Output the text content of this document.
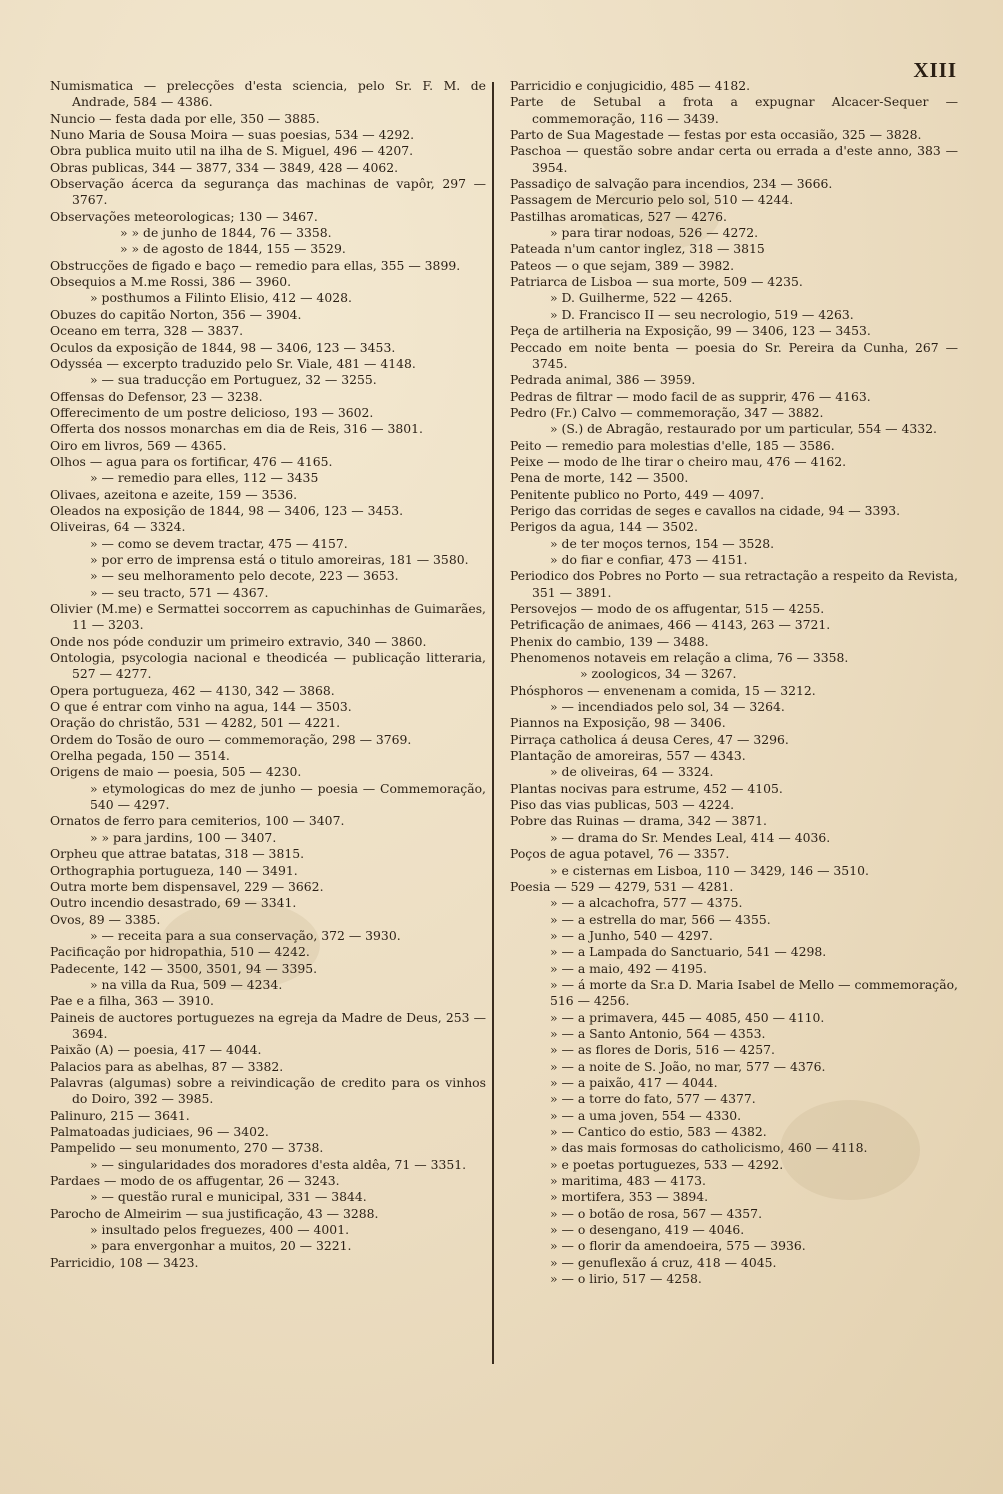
XIII
Numismatica — prelecções d'esta sciencia, pelo Sr. F. M. de Andrade, 584 — 4386.
Nuncio — festa dada por elle, 350 — 3885.
Nuno Maria de Sousa Moira — suas poesias, 534 — 4292.
Obra publica muito util na ilha de S. Miguel, 496 — 4207.
Obras publicas, 344 — 3877, 334 — 3849, 428 — 4062.
Observação ácerca da segurança das machinas de vapôr, 297 — 3767.
Observações meteorologicas; 130 — 3467.
» » de junho de 1844, 76 — 3358.
» » de agosto de 1844, 155 — 3529.
Obstrucções de figado e baço — remedio para ellas, 355 — 3899.
Obsequios a M.me Rossi, 386 — 3960.
» posthumos a Filinto Elisio, 412 — 4028.
Obuzes do capitão Norton, 356 — 3904.
Oceano em terra, 328 — 3837.
Oculos da exposição de 1844, 98 — 3406, 123 — 3453.
Odysséa — excerpto traduzido pelo Sr. Viale, 481 — 4148.
» — sua traducção em Portuguez, 32 — 3255.
Offensas do Defensor, 23 — 3238.
Offerecimento de um postre delicioso, 193 — 3602.
Offerta dos nossos monarchas em dia de Reis, 316 — 3801.
Oiro em livros, 569 — 4365.
Olhos — agua para os fortificar, 476 — 4165.
» — remedio para elles, 112 — 3435
Olivaes, azeitona e azeite, 159 — 3536.
Oleados na exposição de 1844, 98 — 3406, 123 — 3453.
Oliveiras, 64 — 3324.
» — como se devem tractar, 475 — 4157.
» por erro de imprensa está o titulo amoreiras, 181 — 3580.
» — seu melhoramento pelo decote, 223 — 3653.
» — seu tracto, 571 — 4367.
Olivier (M.me) e Sermattei soccorrem as capuchinhas de Guimarães, 11 — 3203.
Onde nos póde conduzir um primeiro extravio, 340 — 3860.
Ontologia, psycologia nacional e theodicéa — publicação litteraria, 527 — 4277.
Opera portugueza, 462 — 4130, 342 — 3868.
O que é entrar com vinho na agua, 144 — 3503.
Oração do christão, 531 — 4282, 501 — 4221.
Ordem do Tosão de ouro — commemoração, 298 — 3769.
Orelha pegada, 150 — 3514.
Origens de maio — poesia, 505 — 4230.
» etymologicas do mez de junho — poesia — Commemoração, 540 — 4297.
Ornatos de ferro para cemiterios, 100 — 3407.
» » para jardins, 100 — 3407.
Orpheu que attrae batatas, 318 — 3815.
Orthographia portugueza, 140 — 3491.
Outra morte bem dispensavel, 229 — 3662.
Outro incendio desastrado, 69 — 3341.
Ovos, 89 — 3385.
» — receita para a sua conservação, 372 — 3930.
Pacificação por hidropathia, 510 — 4242.
Padecente, 142 — 3500, 3501, 94 — 3395.
» na villa da Rua, 509 — 4234.
Pae e a filha, 363 — 3910.
Paineis de auctores portuguezes na egreja da Madre de Deus, 253 — 3694.
Paixão (A) — poesia, 417 — 4044.
Palacios para as abelhas, 87 — 3382.
Palavras (algumas) sobre a reivindicação de credito para os vinhos do Doiro, 392 — 3985.
Palinuro, 215 — 3641.
Palmatoadas judiciaes, 96 — 3402.
Pampelido — seu monumento, 270 — 3738.
» — singularidades dos moradores d'esta aldêa, 71 — 3351.
Pardaes — modo de os affugentar, 26 — 3243.
» — questão rural e municipal, 331 — 3844.
Parocho de Almeirim — sua justificação, 43 — 3288.
» insultado pelos freguezes, 400 — 4001.
» para envergonhar a muitos, 20 — 3221.
Parricidio, 108 — 3423.
Parricidio e conjugicidio, 485 — 4182.
Parte de Setubal a frota a expugnar Alcacer-Sequer — commemoração, 116 — 3439.
Parto de Sua Magestade — festas por esta occasião, 325 — 3828.
Paschoa — questão sobre andar certa ou errada a d'este anno, 383 — 3954.
Passadiço de salvação para incendios, 234 — 3666.
Passagem de Mercurio pelo sol, 510 — 4244.
Pastilhas aromaticas, 527 — 4276.
» para tirar nodoas, 526 — 4272.
Pateada n'um cantor inglez, 318 — 3815
Pateos — o que sejam, 389 — 3982.
Patriarca de Lisboa — sua morte, 509 — 4235.
» D. Guilherme, 522 — 4265.
» D. Francisco II — seu necrologio, 519 — 4263.
Peça de artilheria na Exposição, 99 — 3406, 123 — 3453.
Peccado em noite benta — poesia do Sr. Pereira da Cunha, 267 — 3745.
Pedrada animal, 386 — 3959.
Pedras de filtrar — modo facil de as supprir, 476 — 4163.
Pedro (Fr.) Calvo — commemoração, 347 — 3882.
» (S.) de Abragão, restaurado por um particular, 554 — 4332.
Peito — remedio para molestias d'elle, 185 — 3586.
Peixe — modo de lhe tirar o cheiro mau, 476 — 4162.
Pena de morte, 142 — 3500.
Penitente publico no Porto, 449 — 4097.
Perigo das corridas de seges e cavallos na cidade, 94 — 3393.
Perigos da agua, 144 — 3502.
» de ter moços ternos, 154 — 3528.
» do fiar e confiar, 473 — 4151.
Periodico dos Pobres no Porto — sua retractação a respeito da Revista, 351 — 3891.
Persovejos — modo de os affugentar, 515 — 4255.
Petrificação de animaes, 466 — 4143, 263 — 3721.
Phenix do cambio, 139 — 3488.
Phenomenos notaveis em relação a clima, 76 — 3358.
» zoologicos, 34 — 3267.
Phósphoros — envenenam a comida, 15 — 3212.
» — incendiados pelo sol, 34 — 3264.
Piannos na Exposição, 98 — 3406.
Pirraça catholica á deusa Ceres, 47 — 3296.
Plantação de amoreiras, 557 — 4343.
» de oliveiras, 64 — 3324.
Plantas nocivas para estrume, 452 — 4105.
Piso das vias publicas, 503 — 4224.
Pobre das Ruinas — drama, 342 — 3871.
» — drama do Sr. Mendes Leal, 414 — 4036.
Poços de agua potavel, 76 — 3357.
» e cisternas em Lisboa, 110 — 3429, 146 — 3510.
Poesia — 529 — 4279, 531 — 4281.
» — a alcachofra, 577 — 4375.
» — a estrella do mar, 566 — 4355.
» — a Junho, 540 — 4297.
» — a Lampada do Sanctuario, 541 — 4298.
» — a maio, 492 — 4195.
» — á morte da Sr.a D. Maria Isabel de Mello — commemoração, 516 — 4256.
» — a primavera, 445 — 4085, 450 — 4110.
» — a Santo Antonio, 564 — 4353.
» — as flores de Doris, 516 — 4257.
» — a noite de S. João, no mar, 577 — 4376.
» — a paixão, 417 — 4044.
» — a torre do fato, 577 — 4377.
» — a uma joven, 554 — 4330.
» — Cantico do estio, 583 — 4382.
» das mais formosas do catholicismo, 460 — 4118.
» e poetas portuguezes, 533 — 4292.
» maritima, 483 — 4173.
» mortifera, 353 — 3894.
» — o botão de rosa, 567 — 4357.
» — o desengano, 419 — 4046.
» — o florir da amendoeira, 575 — 3936.
» — genuflexão á cruz, 418 — 4045.
» — o lirio, 517 — 4258.
